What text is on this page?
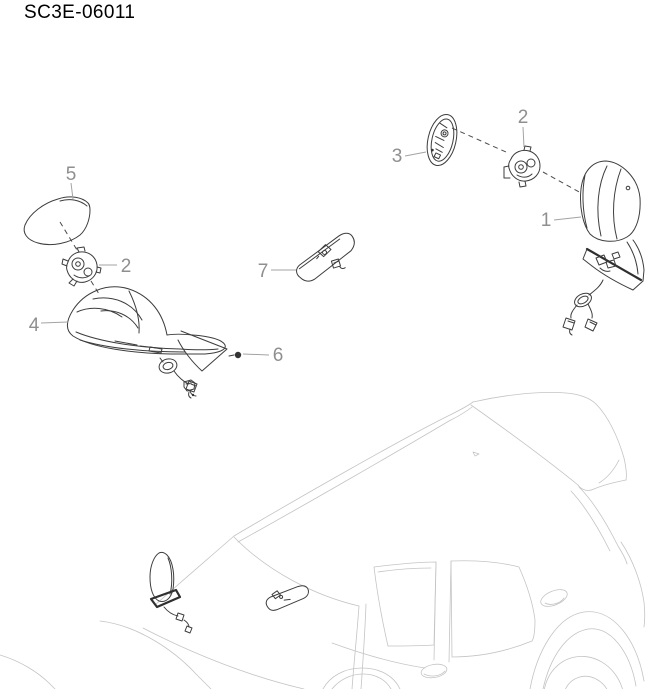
SC3E-06011
5
2
4
6
7
3
2
1
